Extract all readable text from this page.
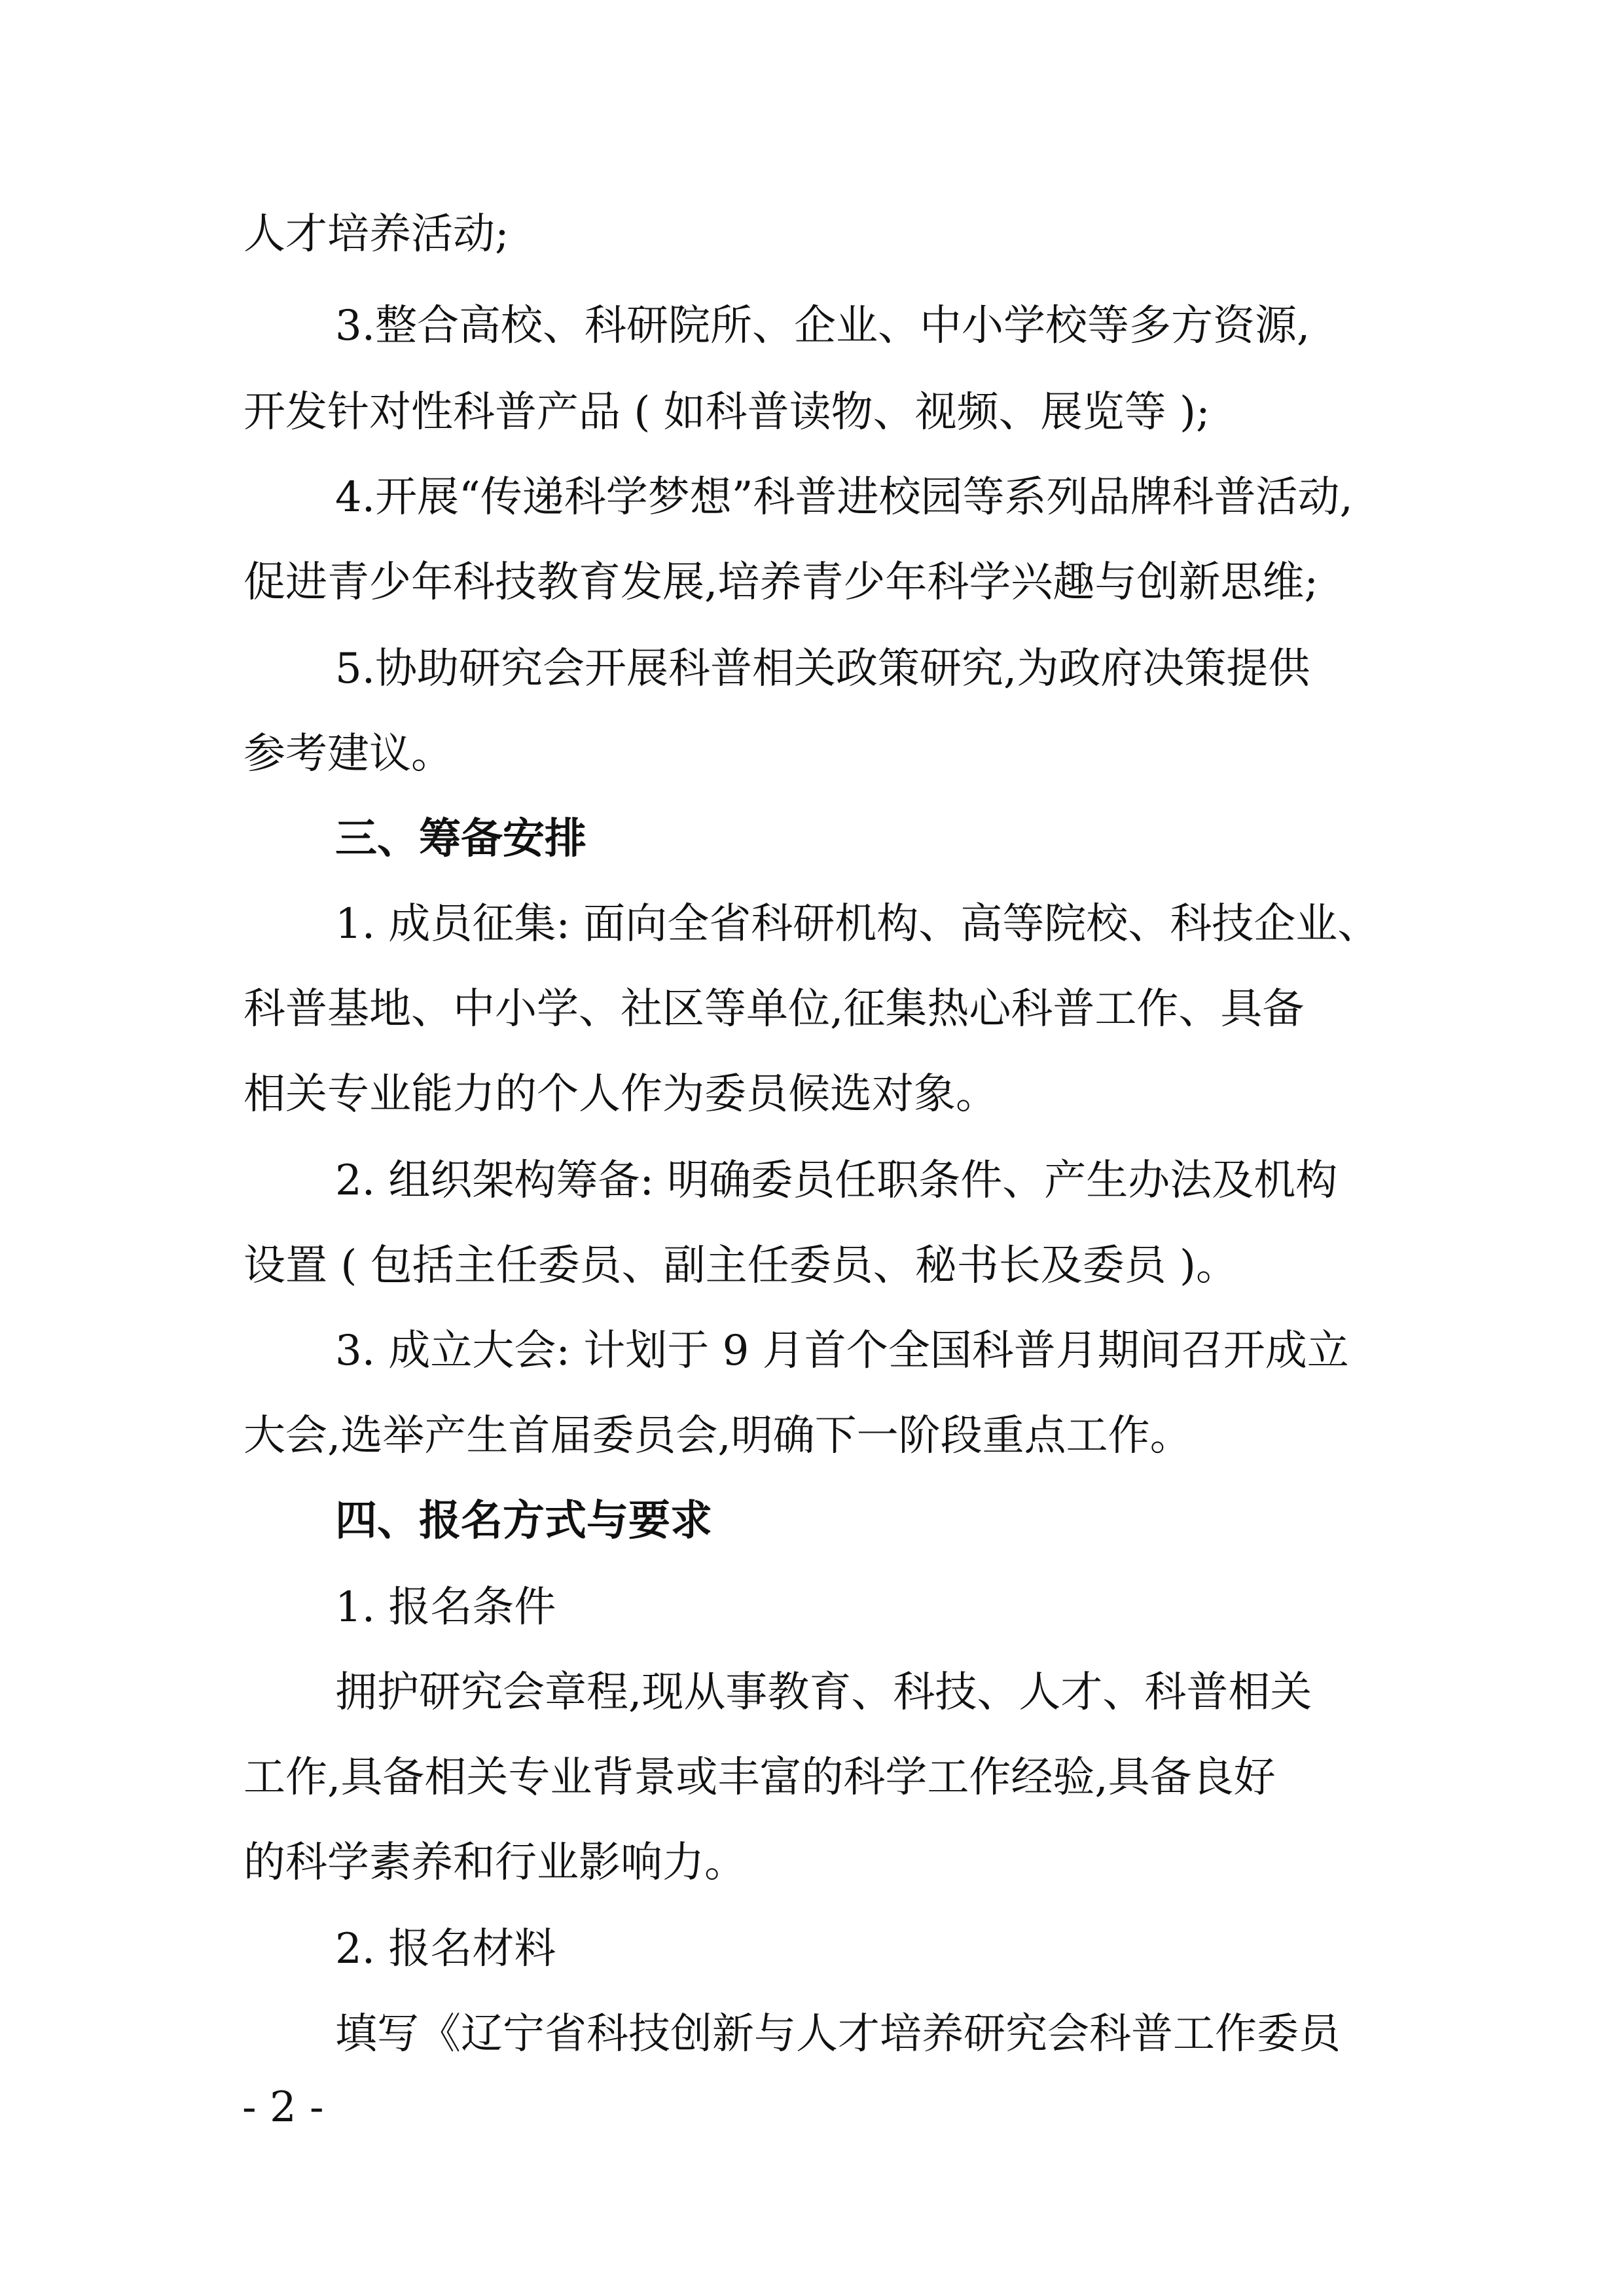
人才培养活动;

3.整合高校、科研院所、企业、中小学校等多方资源,

开发针对性科普产品 ( 如科普读物、视频、展览等 );

4.开展“传递科学梦想”科普进校园等系列品牌科普活动,

促进青少年科技教育发展,培养青少年科学兴趣与创新思维;

5.协助研究会开展科普相关政策研究,为政府决策提供

参考建议。

三、筹备安排

1. 成员征集: 面向全省科研机构、高等院校、科技企业、

科普基地、中小学、社区等单位,征集热心科普工作、具备

相关专业能力的个人作为委员候选对象。

2. 组织架构筹备: 明确委员任职条件、产生办法及机构

设置 ( 包括主任委员、副主任委员、秘书长及委员 )。

3. 成立大会: 计划于 9 月首个全国科普月期间召开成立

大会,选举产生首届委员会,明确下一阶段重点工作。

四、报名方式与要求

1. 报名条件

拥护研究会章程,现从事教育、科技、人才、科普相关

工作,具备相关专业背景或丰富的科学工作经验,具备良好

的科学素养和行业影响力。

2. 报名材料

填写《辽宁省科技创新与人才培养研究会科普工作委员

- 2 -
